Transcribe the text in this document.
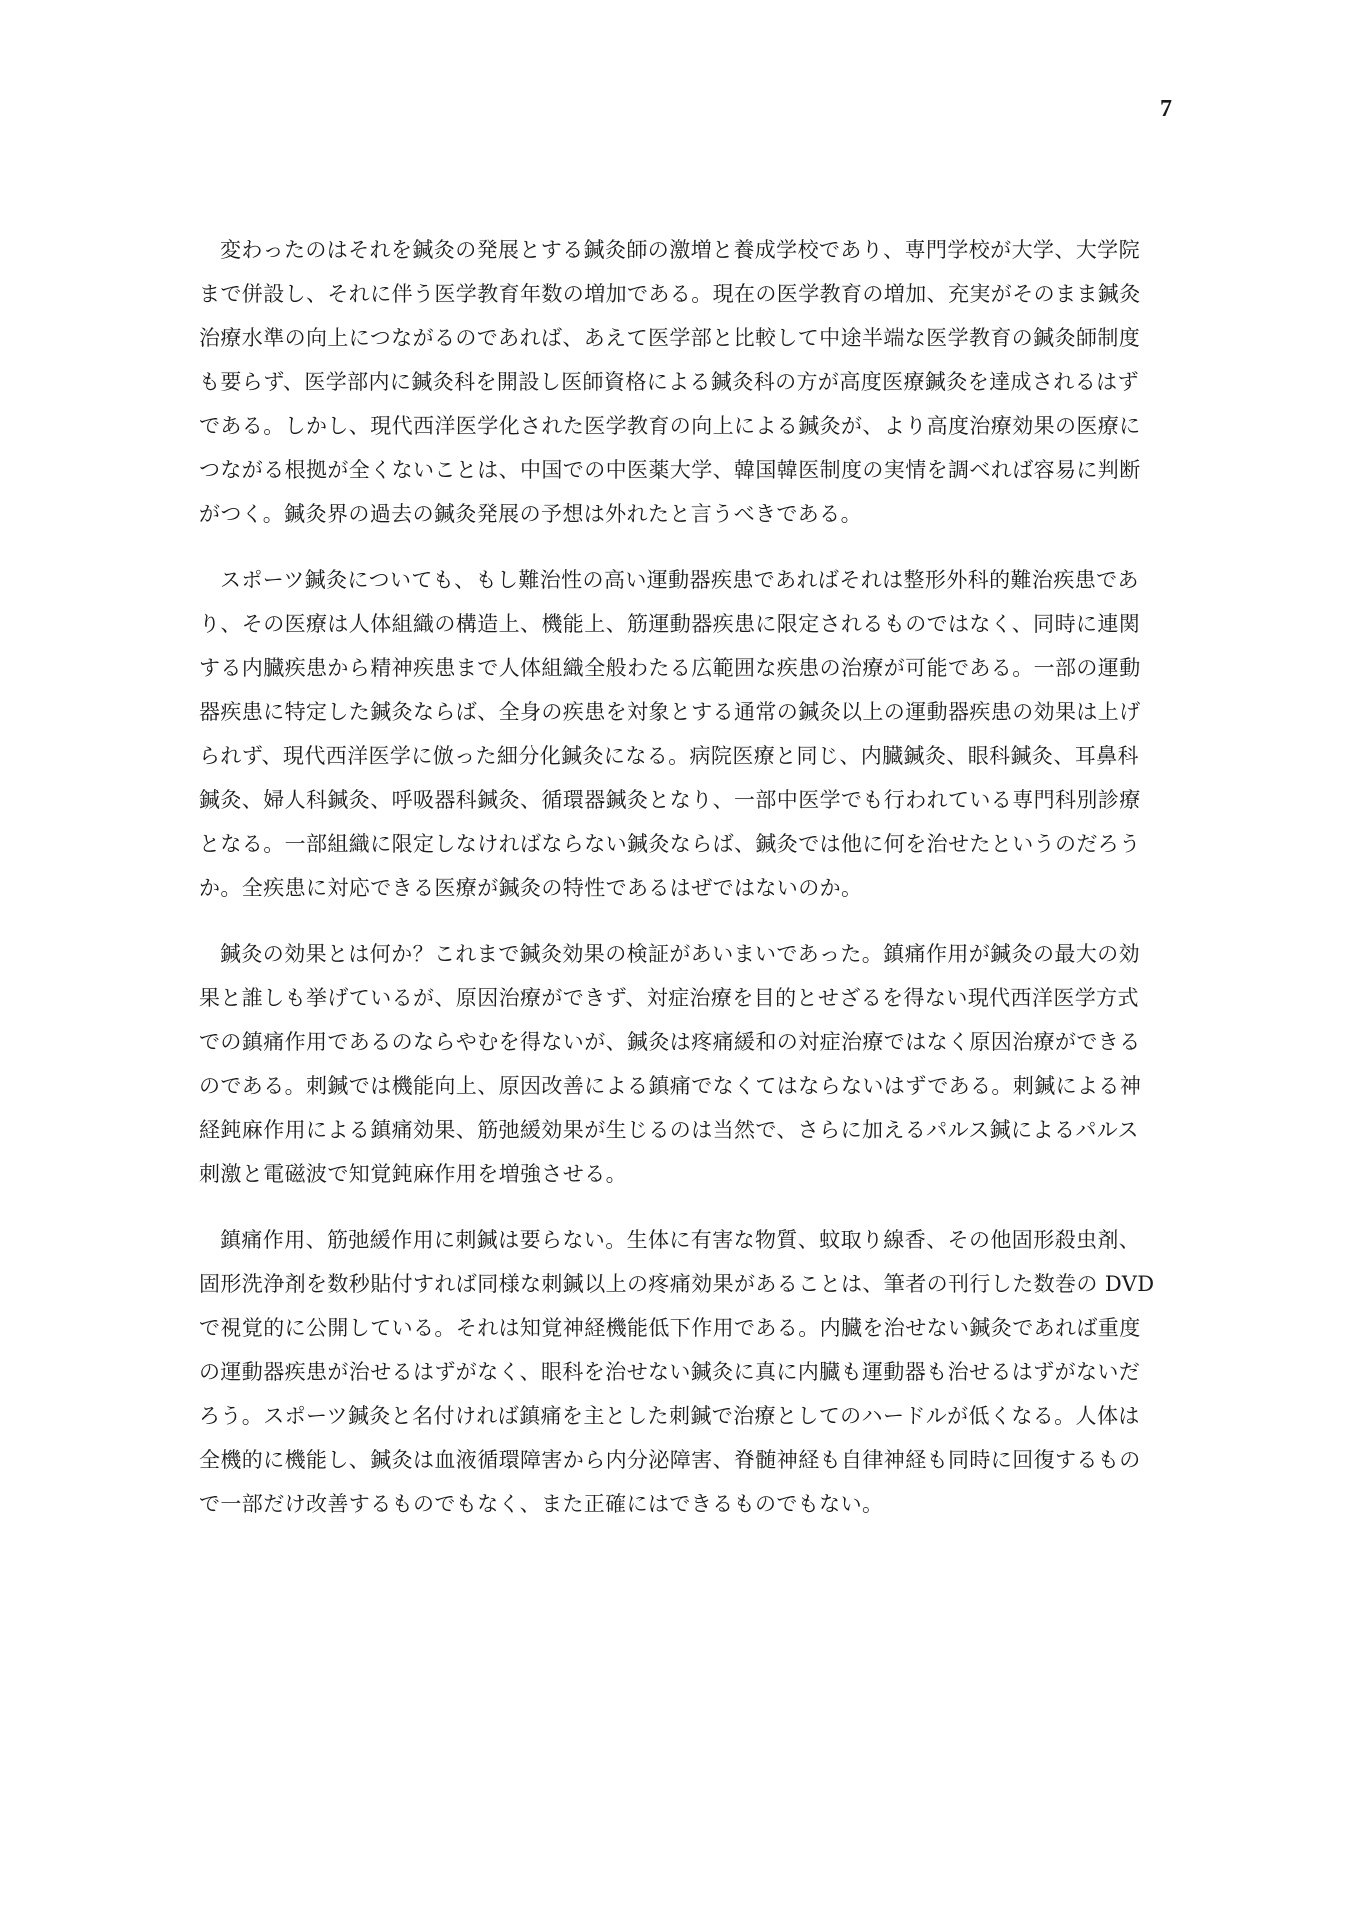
7

変わったのはそれを鍼灸の発展とする鍼灸師の激増と養成学校であり、専門学校が大学、大学院
まで併設し、それに伴う医学教育年数の増加である。現在の医学教育の増加、充実がそのまま鍼灸
治療水準の向上につながるのであれば、あえて医学部と比較して中途半端な医学教育の鍼灸師制度
も要らず、医学部内に鍼灸科を開設し医師資格による鍼灸科の方が高度医療鍼灸を達成されるはず
である。しかし、現代西洋医学化された医学教育の向上による鍼灸が、より高度治療効果の医療に
つながる根拠が全くないことは、中国での中医薬大学、韓国韓医制度の実情を調べれば容易に判断
がつく。鍼灸界の過去の鍼灸発展の予想は外れたと言うべきである。

スポーツ鍼灸についても、もし難治性の高い運動器疾患であればそれは整形外科的難治疾患であ
り、その医療は人体組織の構造上、機能上、筋運動器疾患に限定されるものではなく、同時に連関
する内臓疾患から精神疾患まで人体組織全般わたる広範囲な疾患の治療が可能である。一部の運動
器疾患に特定した鍼灸ならば、全身の疾患を対象とする通常の鍼灸以上の運動器疾患の効果は上げ
られず、現代西洋医学に倣った細分化鍼灸になる。病院医療と同じ、内臓鍼灸、眼科鍼灸、耳鼻科
鍼灸、婦人科鍼灸、呼吸器科鍼灸、循環器鍼灸となり、一部中医学でも行われている専門科別診療
となる。一部組織に限定しなければならない鍼灸ならば、鍼灸では他に何を治せたというのだろう
か。全疾患に対応できる医療が鍼灸の特性であるはぜではないのか。

鍼灸の効果とは何か？これまで鍼灸効果の検証があいまいであった。鎮痛作用が鍼灸の最大の効
果と誰しも挙げているが、原因治療ができず、対症治療を目的とせざるを得ない現代西洋医学方式
での鎮痛作用であるのならやむを得ないが、鍼灸は疼痛緩和の対症治療ではなく原因治療ができる
のである。刺鍼では機能向上、原因改善による鎮痛でなくてはならないはずである。刺鍼による神
経鈍麻作用による鎮痛効果、筋弛緩効果が生じるのは当然で、さらに加えるパルス鍼によるパルス
刺激と電磁波で知覚鈍麻作用を増強させる。

鎮痛作用、筋弛緩作用に刺鍼は要らない。生体に有害な物質、蚊取り線香、その他固形殺虫剤、
固形洗浄剤を数秒貼付すれば同様な刺鍼以上の疼痛効果があることは、筆者の刊行した数巻の DVD
で視覚的に公開している。それは知覚神経機能低下作用である。内臓を治せない鍼灸であれば重度
の運動器疾患が治せるはずがなく、眼科を治せない鍼灸に真に内臓も運動器も治せるはずがないだ
ろう。スポーツ鍼灸と名付ければ鎮痛を主とした刺鍼で治療としてのハードルが低くなる。人体は
全機的に機能し、鍼灸は血液循環障害から内分泌障害、脊髄神経も自律神経も同時に回復するもの
で一部だけ改善するものでもなく、また正確にはできるものでもない。
